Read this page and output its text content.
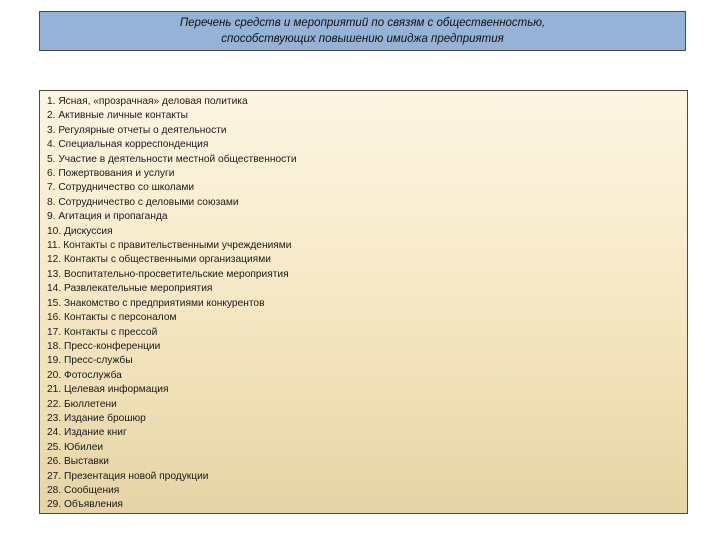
Перечень средств и мероприятий по связям с общественностью,
способствующих повышению имиджа предприятия
1. Ясная, «прозрачная» деловая политика
2. Активные личные контакты
3. Регулярные отчеты о деятельности
4. Специальная корреспонденция
5. Участие в деятельности местной общественности
6. Пожертвования и услуги
7. Сотрудничество со школами
8. Сотрудничество с деловыми союзами
9. Агитация и пропаганда
10. Дискуссия
11. Контакты с правительственными учреждениями
12. Контакты с общественными организациями
13. Воспитательно-просветительские мероприятия
14. Развлекательные мероприятия
15. Знакомство с предприятиями конкурентов
16. Контакты с персоналом
17. Контакты с прессой
18. Пресс-конференции
19. Пресс-службы
20. Фотослужба
21. Целевая информация
22. Бюллетени
23. Издание брошюр
24. Издание книг
25. Юбилеи
26. Выставки
27. Презентация новой продукции
28. Сообщения
29. Объявления
